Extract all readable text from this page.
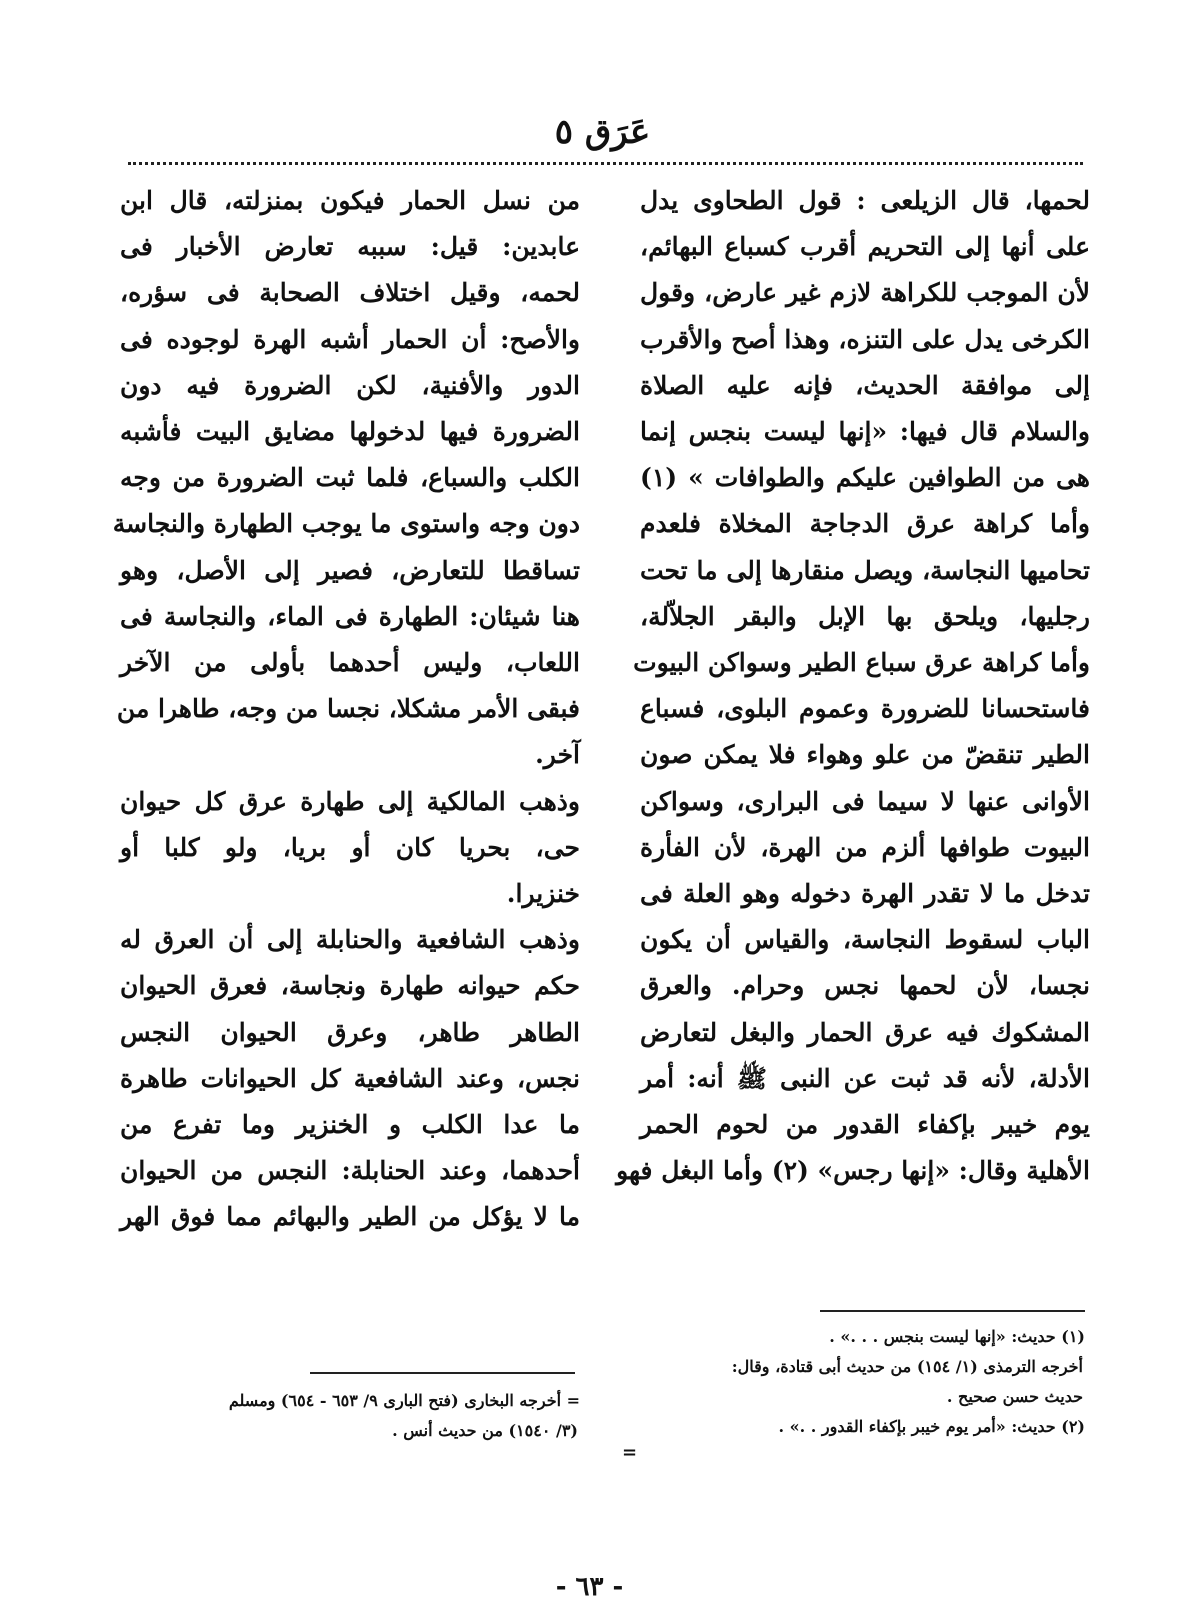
عَرَق ٥
لحمها، قال الزيلعى : قول الطحاوى يدل
على أنها إلى التحريم أقرب كسباع البهائم،
لأن الموجب للكراهة لازم غير عارض، وقول
الكرخى يدل على التنزه، وهذا أصح والأقرب
إلى موافقة الحديث، فإنه عليه الصلاة
والسلام قال فيها: «إنها ليست بنجس إنما
هى من الطوافين عليكم والطوافات » (١)
وأما كراهة عرق الدجاجة المخلاة فلعدم
تحاميها النجاسة، ويصل منقارها إلى ما تحت
رجليها، ويلحق بها الإبل والبقر الجلاّلة،
وأما كراهة عرق سباع الطير وسواكن البيوت
فاستحسانا للضرورة وعموم البلوى، فسباع
الطير تنقضّ من علو وهواء فلا يمكن صون
الأوانى عنها لا سيما فى البرارى، وسواكن
البيوت طوافها ألزم من الهرة، لأن الفأرة
تدخل ما لا تقدر الهرة دخوله وهو العلة فى
الباب لسقوط النجاسة، والقياس أن يكون
نجسا، لأن لحمها نجس وحرام. والعرق
المشكوك فيه عرق الحمار والبغل لتعارض
الأدلة، لأنه قد ثبت عن النبى ﷺ أنه: أمر
يوم خيبر بإكفاء القدور من لحوم الحمر
الأهلية وقال: «إنها رجس» (٢) وأما البغل فهو
من نسل الحمار فيكون بمنزلته، قال ابن
عابدين: قيل: سببه تعارض الأخبار فى
لحمه، وقيل اختلاف الصحابة فى سؤره،
والأصح: أن الحمار أشبه الهرة لوجوده فى
الدور والأفنية، لكن الضرورة فيه دون
الضرورة فيها لدخولها مضايق البيت فأشبه
الكلب والسباع، فلما ثبت الضرورة من وجه
دون وجه واستوى ما يوجب الطهارة والنجاسة
تساقطا للتعارض، فصير إلى الأصل، وهو
هنا شيئان: الطهارة فى الماء، والنجاسة فى
اللعاب، وليس أحدهما بأولى من الآخر
فبقى الأمر مشكلا، نجسا من وجه، طاهرا من
آخر.
وذهب المالكية إلى طهارة عرق كل حيوان
حى، بحريا كان أو بريا، ولو كلبا أو
خنزيرا.
وذهب الشافعية والحنابلة إلى أن العرق له
حكم حيوانه طهارة ونجاسة، فعرق الحيوان
الطاهر طاهر، وعرق الحيوان النجس
نجس، وعند الشافعية كل الحيوانات طاهرة
ما عدا الكلب و الخنزير وما تفرع من
أحدهما، وعند الحنابلة: النجس من الحيوان
ما لا يؤكل من الطير والبهائم مما فوق الهر
(١) حديث: «إنها ليست بنجس . . .» .
أخرجه الترمذى (١/ ١٥٤) من حديث أبى قتادة، وقال:
حديث حسن صحيح .
(٢) حديث: «أمر يوم خيبر بإكفاء القدور . .» .
=
= أخرجه البخارى (فتح البارى ٩/ ٦٥٣ - ٦٥٤) ومسلم
(٣/ ١٥٤٠) من حديث أنس .
- ٦٣ -
